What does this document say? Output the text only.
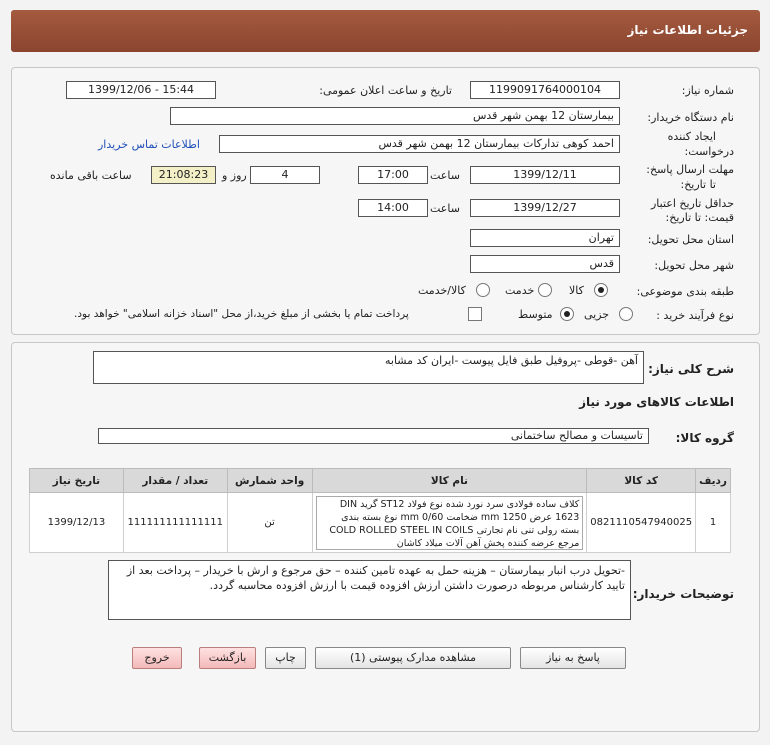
جزئیات اطلاعات نیاز
شماره نیاز:
1199091764000104
تاریخ و ساعت اعلان عمومی:
1399/12/06 - 15:44
نام دستگاه خریدار:
بیمارستان 12 بهمن شهر قدس
ایجاد کننده
درخواست:
احمد کوهی تدارکات بیمارستان 12 بهمن شهر قدس
اطلاعات تماس خریدار
مهلت ارسال پاسخ:
تا تاریخ:
1399/12/11
ساعت
17:00
4
روز و
21:08:23
ساعت باقی مانده
حداقل تاریخ اعتبار
قیمت: تا تاریخ:
1399/12/27
ساعت
14:00
استان محل تحویل:
تهران
شهر محل تحویل:
قدس
طبقه بندی موضوعی:
کالا
خدمت
کالا/خدمت
نوع فرآیند خرید :
جزیی
متوسط
پرداخت تمام یا بخشی از مبلغ خرید،از محل "اسناد خزانه اسلامی" خواهد بود.
شرح کلی نیاز:
آهن -قوطی -پروفیل طبق فایل پیوست -ایران کد مشابه
اطلاعات کالاهای مورد نیاز
گروه کالا:
تاسیسات و مصالح ساختمانی
تاریخ نیاز	تعداد / مقدار	واحد شمارش	نام کالا	کد کالا	ردیف
1399/12/13	111111111111111	تن	کلاف ساده فولادی سرد نورد شده نوع فولاد ST12 گرید DIN 1623 عرض 1250 mm ضخامت 0/60 mm نوع بسته بندی بسته رولی تنی نام تجارتی COLD ROLLED STEEL IN COILS مرجع عرضه کننده پخش آهن آلات میلاد کاشان	0821110547940025	1
توضیحات خریدار:
-تحویل درب انبار بیمارستان – هزینه حمل به عهده تامین کننده – حق مرجوع و ارش با خریدار – پرداخت بعد از تایید کارشناس مربوطه درصورت داشتن ارزش افزوده قیمت با ارزش افزوده محاسبه گردد.
پاسخ به نیاز
مشاهده مدارک پیوستی (1)
چاپ
بازگشت
خروج
